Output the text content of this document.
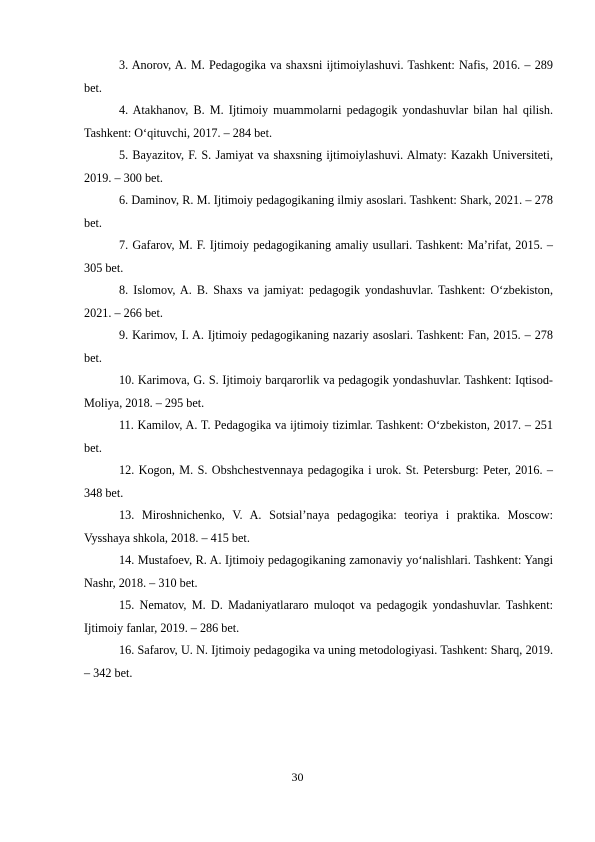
3. Anorov, A. M. Pedagogika va shaxsni ijtimoiylashuvi. Tashkent: Nafis, 2016. – 289 bet.
4. Atakhanov, B. M. Ijtimoiy muammolarni pedagogik yondashuvlar bilan hal qilish. Tashkent: O‘qituvchi, 2017. – 284 bet.
5. Bayazitov, F. S. Jamiyat va shaxsning ijtimoiylashuvi. Almaty: Kazakh Universiteti, 2019. – 300 bet.
6. Daminov, R. M. Ijtimoiy pedagogikaning ilmiy asoslari. Tashkent: Shark, 2021. – 278 bet.
7. Gafarov, M. F. Ijtimoiy pedagogikaning amaliy usullari. Tashkent: Ma’rifat, 2015. – 305 bet.
8. Islomov, A. B. Shaxs va jamiyat: pedagogik yondashuvlar. Tashkent: O‘zbekiston, 2021. – 266 bet.
9. Karimov, I. A. Ijtimoiy pedagogikaning nazariy asoslari. Tashkent: Fan, 2015. – 278 bet.
10. Karimova, G. S. Ijtimoiy barqarorlik va pedagogik yondashuvlar. Tashkent: Iqtisod-Moliya, 2018. – 295 bet.
11. Kamilov, A. T. Pedagogika va ijtimoiy tizimlar. Tashkent: O‘zbekiston, 2017. – 251 bet.
12. Kogon, M. S. Obshchestvennaya pedagogika i urok. St. Petersburg: Peter, 2016. – 348 bet.
13. Miroshnichenko, V. A. Sotsial’naya pedagogika: teoriya i praktika. Moscow: Vysshaya shkola, 2018. – 415 bet.
14. Mustafoev, R. A. Ijtimoiy pedagogikaning zamonaviy yo‘nalishlari. Tashkent: Yangi Nashr, 2018. – 310 bet.
15. Nematov, M. D. Madaniyatlararo muloqot va pedagogik yondashuvlar. Tashkent: Ijtimoiy fanlar, 2019. – 286 bet.
16. Safarov, U. N. Ijtimoiy pedagogika va uning metodologiyasi. Tashkent: Sharq, 2019. – 342 bet.
30
